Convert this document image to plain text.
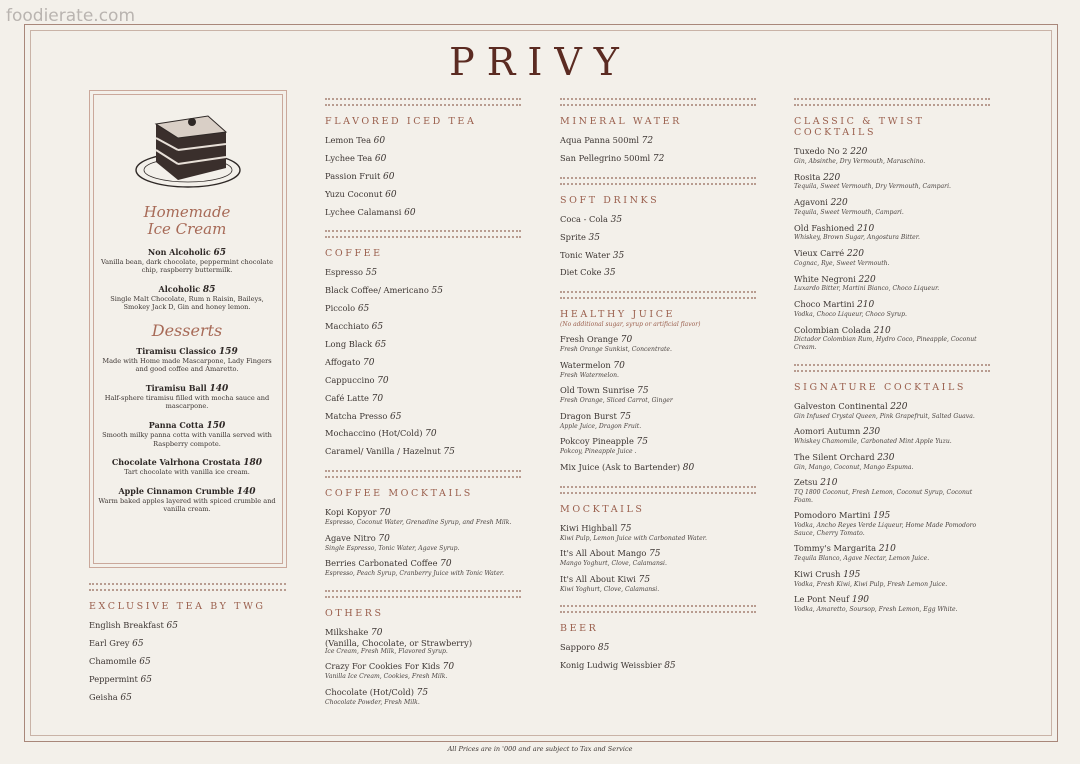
foodierate.com
PRIVY
Homemade
Ice Cream
Non Alcoholic 65
Vanilla bean, dark chocolate, peppermint chocolate chip, raspberry buttermilk.
Alcoholic 85
Single Malt Chocolate, Rum n Raisin, Baileys, Smokey Jack D, Gin and honey lemon.
Desserts
Tiramisu Classico 159
Made with Home made Mascarpone, Lady Fingers and good coffee and Amaretto.
Tiramisu Ball 140
Half-sphere tiramisu filled with mocha sauce and mascarpone.
Panna Cotta 150
Smooth milky panna cotta with vanilla served with Raspberry compote.
Chocolate Valrhona Crostata 180
Tart chocolate with vanilla ice cream.
Apple Cinnamon Crumble 140
Warm baked apples layered with spiced crumble and vanilla cream.
EXCLUSIVE TEA BY TWG
English Breakfast 65
Earl Grey 65
Chamomile 65
Peppermint 65
Geisha 65
FLAVORED ICED TEA
Lemon Tea 60
Lychee Tea 60
Passion Fruit 60
Yuzu Coconut 60
Lychee Calamansi 60
COFFEE
Espresso 55
Black Coffee/ Americano 55
Piccolo 65
Macchiato 65
Long Black 65
Affogato 70
Cappuccino 70
Café Latte 70
Matcha Presso 65
Mochaccino (Hot/Cold) 70
Caramel/ Vanilla / Hazelnut 75
COFFEE MOCKTAILS
Kopi Kopyor 70
Espresso, Coconut Water, Grenadine Syrup, and Fresh Milk.
Agave Nitro 70
Single Espresso, Tonic Water, Agave Syrup.
Berries Carbonated Coffee 70
Espresso, Peach Syrup, Cranberry Juice with Tonic Water.
OTHERS
Milkshake 70
(Vanilla, Chocolate, or Strawberry)
Ice Cream, Fresh Milk, Flavored Syrup.
Crazy For Cookies For Kids 70
Vanilla Ice Cream, Cookies, Fresh Milk.
Chocolate (Hot/Cold) 75
Chocolate Powder, Fresh Milk.
MINERAL WATER
Aqua Panna 500ml 72
San Pellegrino 500ml 72
SOFT DRINKS
Coca - Cola 35
Sprite 35
Tonic Water 35
Diet Coke 35
HEALTHY JUICE
(No additional sugar, syrup or artificial flavor)
Fresh Orange 70
Fresh Orange Sunkist, Concentrate.
Watermelon 70
Fresh Watermelon.
Old Town Sunrise 75
Fresh Orange, Sliced Carrot, Ginger
Dragon Burst 75
Apple Juice, Dragon Fruit.
Pokcoy Pineapple 75
Pokcoy, Pineapple Juice .
Mix Juice (Ask to Bartender) 80
MOCKTAILS
Kiwi Highball 75
Kiwi Pulp, Lemon Juice with Carbonated Water.
It's All About Mango 75
Mango Yoghurt, Clove, Calamansi.
It's All About Kiwi 75
Kiwi Yoghurt, Clove, Calamansi.
BEER
Sapporo 85
Konig Ludwig Weissbier 85
CLASSIC & TWIST COCKTAILS
Tuxedo No 2 220
Gin, Absinthe, Dry Vermouth, Maraschino.
Rosita 220
Tequila, Sweet Vermouth, Dry Vermouth, Campari.
Agavoni 220
Tequila, Sweet Vermouth, Campari.
Old Fashioned 210
Whiskey, Brown Sugar, Angostura Bitter.
Vieux Carré 220
Cognac, Rye, Sweet Vermouth.
White Negroni 220
Luxardo Bitter, Martini Bianco, Choco Liqueur.
Choco Martini 210
Vodka, Choco Liqueur, Choco Syrup.
Colombian Colada 210
Dictador Colombian Rum, Hydro Coco, Pineapple, Coconut Cream.
SIGNATURE COCKTAILS
Galveston Continental 220
Gin Infused Crystal Queen, Pink Grapefruit, Salted Guava.
Aomori Autumn 230
Whiskey Chamomile, Carbonated Mint Apple Yuzu.
The Silent Orchard 230
Gin, Mango, Coconut, Mango Espuma.
Zetsu 210
TQ 1800 Coconut, Fresh Lemon, Coconut Syrup, Coconut Foam.
Pomodoro Martini 195
Vodka, Ancho Reyes Verde Liqueur, Home Made Pomodoro Sauce, Cherry Tomato.
Tommy's Margarita 210
Tequila Blanco, Agave Nectar, Lemon Juice.
Kiwi Crush 195
Vodka, Fresh Kiwi, Kiwi Pulp, Fresh Lemon Juice.
Le Pont Neuf 190
Vodka, Amaretto, Soursop, Fresh Lemon, Egg White.
All Prices are in '000 and are subject to Tax and Service
